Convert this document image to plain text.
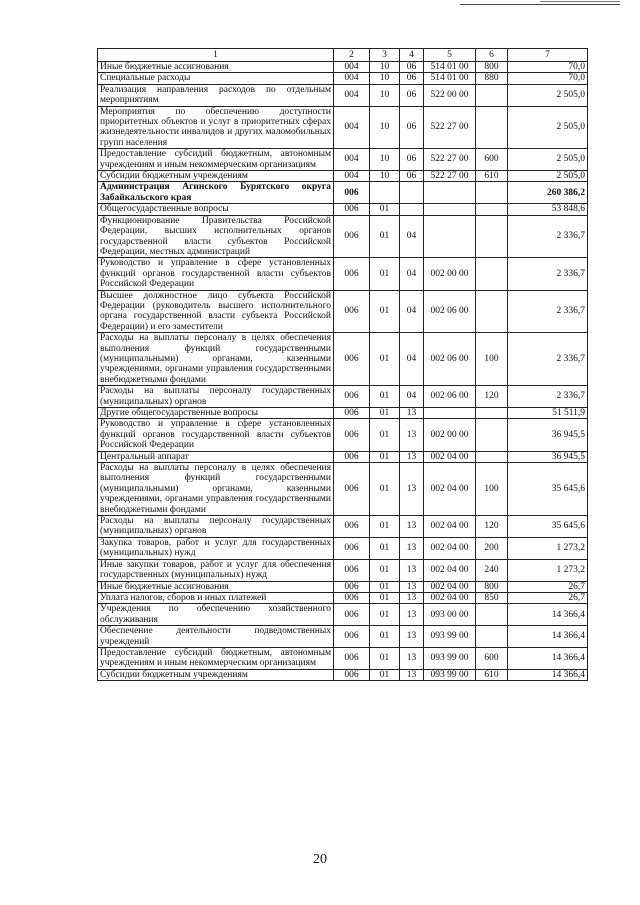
1	2	3	4	5	6	7
Иные бюджетные ассигнования	004	10	06	514 01 00	800	70,0
Специальные расходы	004	10	06	514 01 00	880	70,0
Реализация направления расходов по отдельным мероприятиям	004	10	06	522 00 00		2 505,0
Мероприятия по обеспечению доступности приоритетных объектов и услуг в приоритетных сферах жизнедеятельности инвалидов и других маломобильных групп населения	004	10	06	522 27 00		2 505,0
Предоставление субсидий бюджетным, автономным учреждениям и иным некоммерческим организациям	004	10	06	522 27 00	600	2 505,0
Субсидии бюджетным учреждениям	004	10	06	522 27 00	610	2 505,0
Администрация Агинского Бурятского округа Забайкальского края	006					260 386,2
Общегосударственные вопросы	006	01				53 848,6
Функционирование Правительства Российской Федерации, высших исполнительных органов государственной власти субъектов Российской Федерации, местных администраций	006	01	04			2 336,7
Руководство и управление в сфере установленных функций органов государственной власти субъектов Российской Федерации	006	01	04	002 00 00		2 336,7
Высшее должностное лицо субъекта Российской Федерации (руководитель высшего исполнительного органа государственной власти субъекта Российской Федерации) и его заместители	006	01	04	002 06 00		2 336,7
Расходы на выплаты персоналу в целях обеспечения выполнения функций государственными (муниципальными) органами, казенными учреждениями, органами управления государственными внебюджетными фондами	006	01	04	002 06 00	100	2 336,7
Расходы на выплаты персоналу государственных (муниципальных) органов	006	01	04	002 06 00	120	2 336,7
Другие общегосударственные вопросы	006	01	13			51 511,9
Руководство и управление в сфере установленных функций органов государственной власти субъектов Российской Федерации	006	01	13	002 00 00		36 945,5
Центральный аппарат	006	01	13	002 04 00		36 945,5
Расходы на выплаты персоналу в целях обеспечения выполнения функций государственными (муниципальными) органами, казенными учреждениями, органами управления государственными внебюджетными фондами	006	01	13	002 04 00	100	35 645,6
Расходы на выплаты персоналу государственных (муниципальных) органов	006	01	13	002 04 00	120	35 645,6
Закупка товаров, работ и услуг для государственных (муниципальных) нужд	006	01	13	002 04 00	200	1 273,2
Иные закупки товаров, работ и услуг для обеспечения государственных (муниципальных) нужд	006	01	13	002 04 00	240	1 273,2
Иные бюджетные ассигнования	006	01	13	002 04 00	800	26,7
Уплата налогов, сборов и иных платежей	006	01	13	002 04 00	850	26,7
Учреждения по обеспечению хозяйственного обслуживания	006	01	13	093 00 00		14 366,4
Обеспечение деятельности подведомственных учреждений	006	01	13	093 99 00		14 366,4
Предоставление субсидий бюджетным, автономным учреждениям и иным некоммерческим организациям	006	01	13	093 99 00	600	14 366,4
Субсидии бюджетным учреждениям	006	01	13	093 99 00	610	14 366,4
20
